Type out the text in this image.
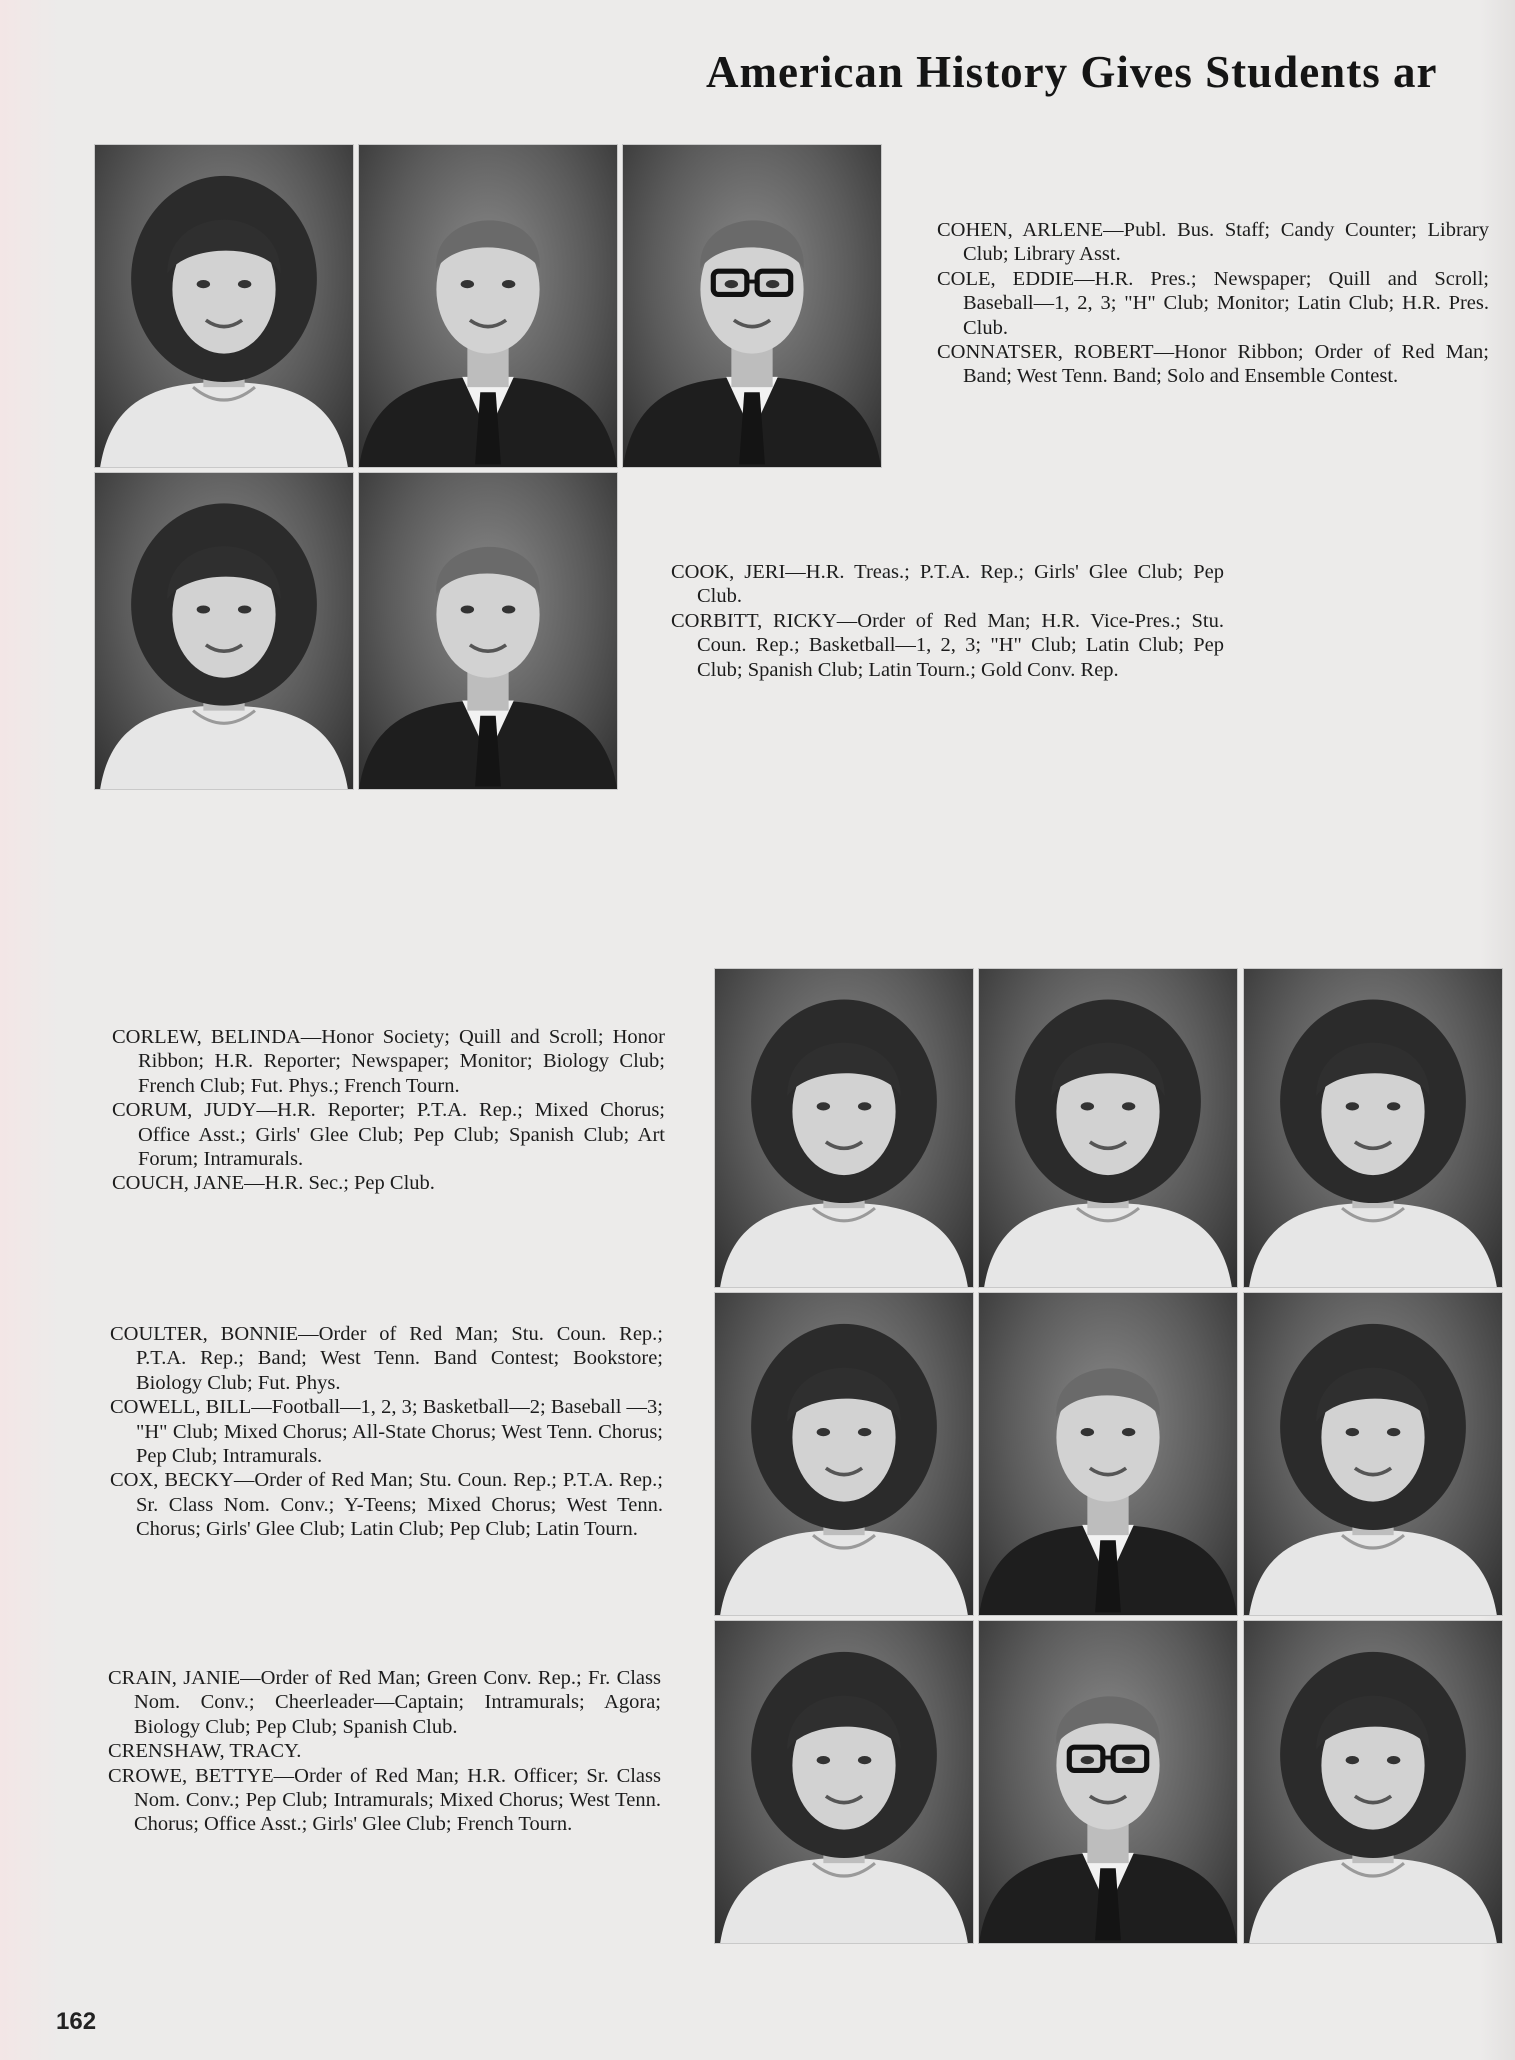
American History Gives Students ar

COHEN, ARLENE—Publ. Bus. Staff; Candy Counter; Library Club; Library Asst.

COLE, EDDIE—H.R. Pres.; Newspaper; Quill and Scroll; Baseball—1, 2, 3; "H" Club; Monitor; Latin Club; H.R. Pres. Club.

CONNATSER, ROBERT—Honor Ribbon; Order of Red Man; Band; West Tenn. Band; Solo and Ensemble Contest.

COOK, JERI—H.R. Treas.; P.T.A. Rep.; Girls' Glee Club; Pep Club.

CORBITT, RICKY—Order of Red Man; H.R. Vice-Pres.; Stu. Coun. Rep.; Basketball—1, 2, 3; "H" Club; Latin Club; Pep Club; Spanish Club; Latin Tourn.; Gold Conv. Rep.

CORLEW, BELINDA—Honor Society; Quill and Scroll; Honor Ribbon; H.R. Reporter; Newspaper; Monitor; Biology Club; French Club; Fut. Phys.; French Tourn.

CORUM, JUDY—H.R. Reporter; P.T.A. Rep.; Mixed Chorus; Office Asst.; Girls' Glee Club; Pep Club; Spanish Club; Art Forum; Intramurals.

COUCH, JANE—H.R. Sec.; Pep Club.

COULTER, BONNIE—Order of Red Man; Stu. Coun. Rep.; P.T.A. Rep.; Band; West Tenn. Band Contest; Bookstore; Biology Club; Fut. Phys.

COWELL, BILL—Football—1, 2, 3; Basketball—2; Baseball —3; "H" Club; Mixed Chorus; All-State Chorus; West Tenn. Chorus; Pep Club; Intramurals.

COX, BECKY—Order of Red Man; Stu. Coun. Rep.; P.T.A. Rep.; Sr. Class Nom. Conv.; Y-Teens; Mixed Chorus; West Tenn. Chorus; Girls' Glee Club; Latin Club; Pep Club; Latin Tourn.

CRAIN, JANIE—Order of Red Man; Green Conv. Rep.; Fr. Class Nom. Conv.; Cheerleader—Captain; Intramurals; Agora; Biology Club; Pep Club; Spanish Club.

CRENSHAW, TRACY.

CROWE, BETTYE—Order of Red Man; H.R. Officer; Sr. Class Nom. Conv.; Pep Club; Intramurals; Mixed Chorus; West Tenn. Chorus; Office Asst.; Girls' Glee Club; French Tourn.

162
